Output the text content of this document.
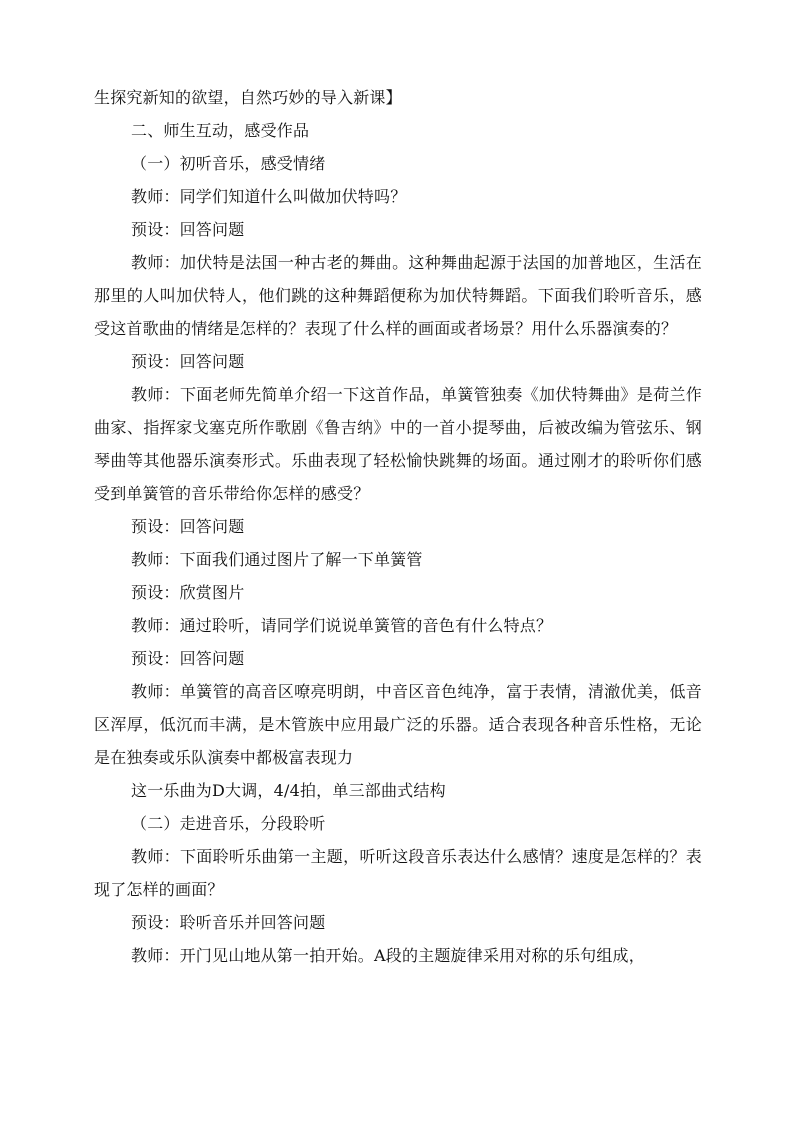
生探究新知的欲望，自然巧妙的导入新课】

二、师生互动，感受作品

（一）初听音乐，感受情绪

教师：同学们知道什么叫做加伏特吗？

预设：回答问题

教师：加伏特是法国一种古老的舞曲。这种舞曲起源于法国的加普地区，生活在那里的人叫加伏特人，他们跳的这种舞蹈便称为加伏特舞蹈。下面我们聆听音乐，感受这首歌曲的情绪是怎样的？表现了什么样的画面或者场景？用什么乐器演奏的？

预设：回答问题

教师：下面老师先简单介绍一下这首作品，单簧管独奏《加伏特舞曲》是荷兰作曲家、指挥家戈塞克所作歌剧《鲁吉纳》中的一首小提琴曲，后被改编为管弦乐、钢琴曲等其他器乐演奏形式。乐曲表现了轻松愉快跳舞的场面。通过刚才的聆听你们感受到单簧管的音乐带给你怎样的感受？

预设：回答问题

教师：下面我们通过图片了解一下单簧管

预设：欣赏图片

教师：通过聆听，请同学们说说单簧管的音色有什么特点？

预设：回答问题

教师：单簧管的高音区嘹亮明朗，中音区音色纯净，富于表情，清澈优美，低音区浑厚，低沉而丰满，是木管族中应用最广泛的乐器。适合表现各种音乐性格，无论是在独奏或乐队演奏中都极富表现力

这一乐曲为D大调，4/4拍，单三部曲式结构

（二）走进音乐，分段聆听

教师：下面聆听乐曲第一主题，听听这段音乐表达什么感情？速度是怎样的？表现了怎样的画面？

预设：聆听音乐并回答问题

教师：开门见山地从第一拍开始。A段的主题旋律采用对称的乐句组成，
